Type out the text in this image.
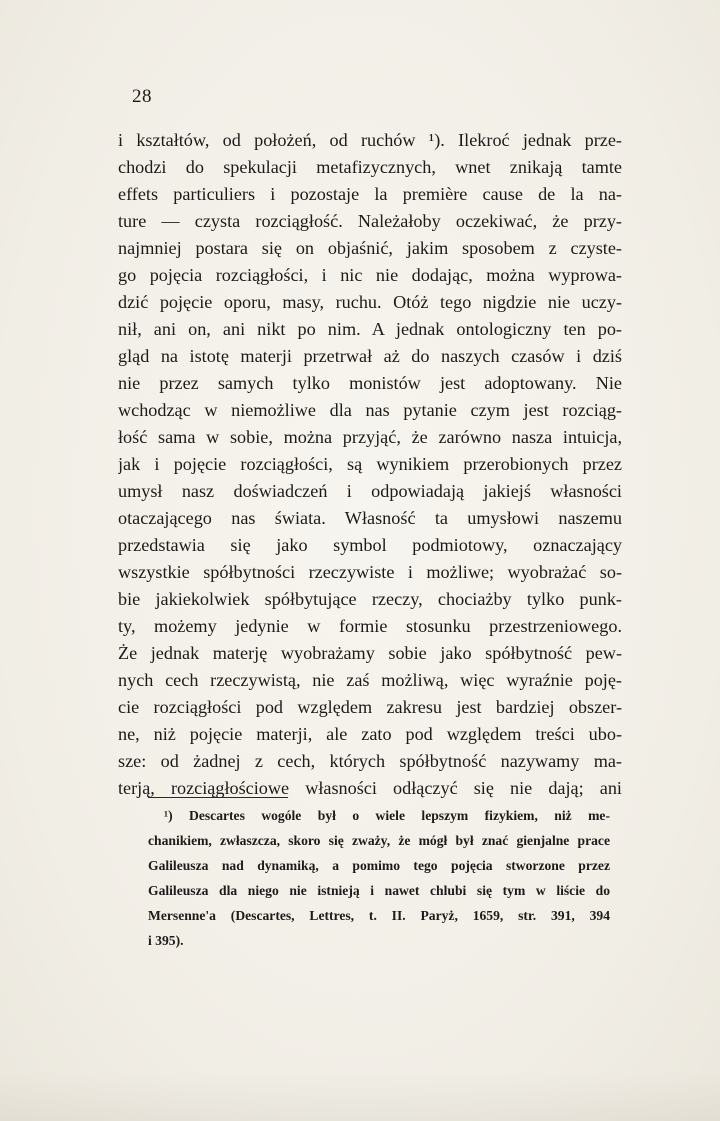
28
i kształtów, od położeń, od ruchów ¹). Ilekroć jednak prze-
chodzi do spekulacji metafizycznych, wnet znikają tamte
effets particuliers i pozostaje la première cause de la na-
ture — czysta rozciągłość. Należałoby oczekiwać, że przy-
najmniej postara się on objaśnić, jakim sposobem z czyste-
go pojęcia rozciągłości, i nic nie dodając, można wyprowa-
dzić pojęcie oporu, masy, ruchu. Otóż tego nigdzie nie uczy-
nił, ani on, ani nikt po nim. A jednak ontologiczny ten po-
gląd na istotę materji przetrwał aż do naszych czasów i dziś
nie przez samych tylko monistów jest adoptowany. Nie
wchodząc w niemożliwe dla nas pytanie czym jest rozciąg-
łość sama w sobie, można przyjąć, że zarówno nasza intuicja,
jak i pojęcie rozciągłości, są wynikiem przerobionych przez
umysł nasz doświadczeń i odpowiadają jakiejś własności
otaczającego nas świata. Własność ta umysłowi naszemu
przedstawia się jako symbol podmiotowy, oznaczający
wszystkie spółbytności rzeczywiste i możliwe; wyobrażać so-
bie jakiekolwiek spółbytujące rzeczy, chociażby tylko punk-
ty, możemy jedynie w formie stosunku przestrzeniowego.
Że jednak materję wyobrażamy sobie jako spółbytność pew-
nych cech rzeczywistą, nie zaś możliwą, więc wyraźnie poję-
cie rozciągłości pod względem zakresu jest bardziej obszer-
ne, niż pojęcie materji, ale zato pod względem treści ubo-
sze: od żadnej z cech, których spółbytność nazywamy ma-
terją, rozciągłościowe własności odłączyć się nie dają; ani
¹) Descartes wogóle był o wiele lepszym fizykiem, niż me-
chanikiem, zwłaszcza, skoro się zważy, że mógł był znać gienjalne prace
Galileusza nad dynamiką, a pomimo tego pojęcia stworzone przez
Galileusza dla niego nie istnieją i nawet chlubi się tym w liście do
Mersenne'a (Descartes, Lettres, t. II. Paryż, 1659, str. 391, 394
i 395).
